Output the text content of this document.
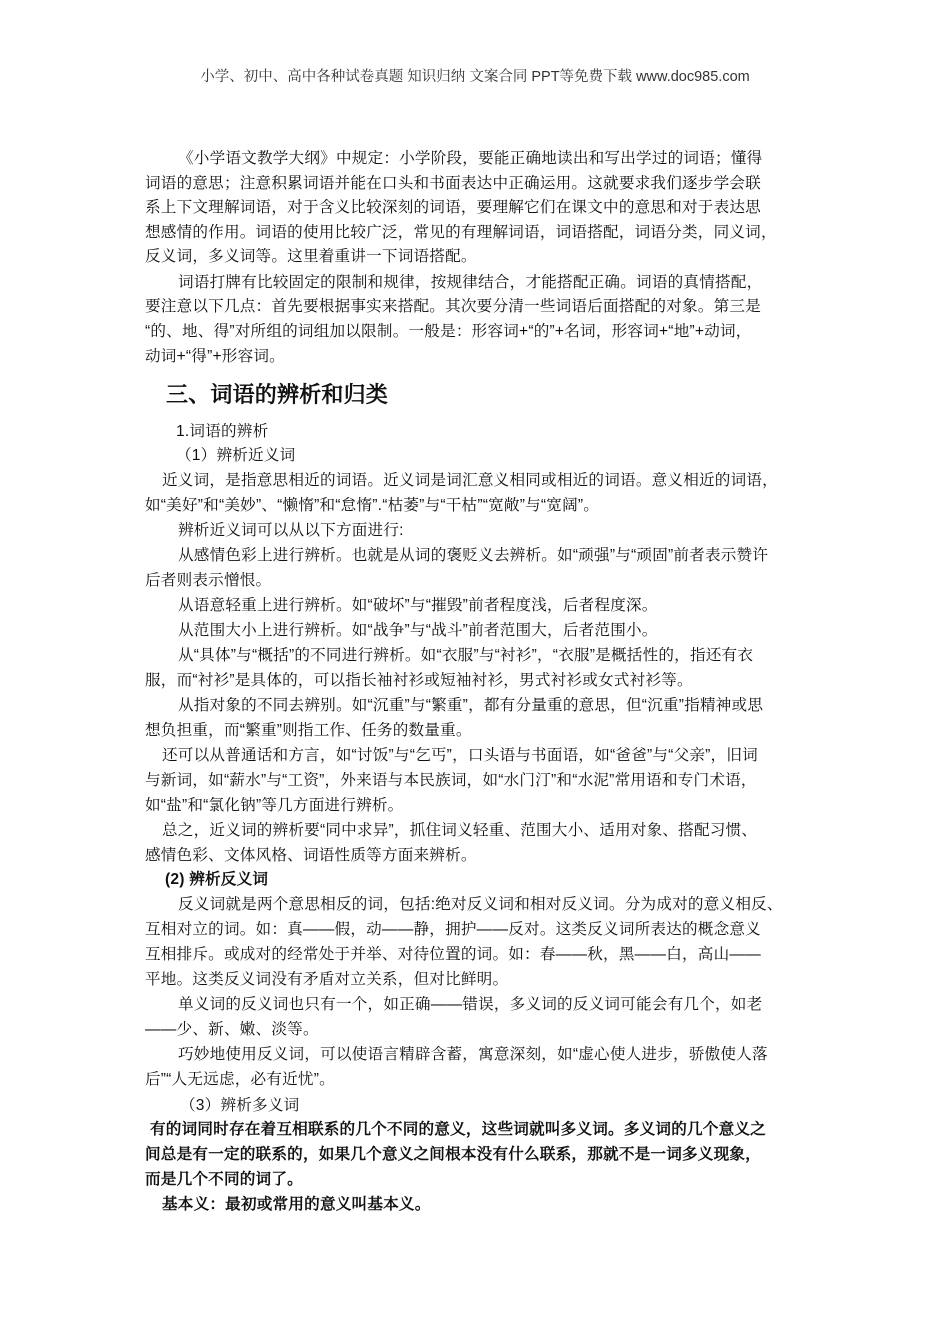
小学、初中、高中各种试卷真题 知识归纳 文案合同 PPT等免费下载 www.doc985.com
《小学语文教学大纲》中规定：小学阶段，要能正确地读出和写出学过的词语；懂得
词语的意思；注意积累词语并能在口头和书面表达中正确运用。这就要求我们逐步学会联
系上下文理解词语，对于含义比较深刻的词语，要理解它们在课文中的意思和对于表达思
想感情的作用。词语的使用比较广泛，常见的有理解词语，词语搭配，词语分类，同义词，
反义词，多义词等。这里着重讲一下词语搭配。
词语打牌有比较固定的限制和规律，按规律结合，才能搭配正确。词语的真情搭配，
要注意以下几点：首先要根据事实来搭配。其次要分清一些词语后面搭配的对象。第三是
“的、地、得”对所组的词组加以限制。一般是：形容词+“的”+名词，形容词+“地”+动词，
动词+“得”+形容词。
三、词语的辨析和归类
1.词语的辨析
（1）辨析近义词
近义词，是指意思相近的词语。近义词是词汇意义相同或相近的词语。意义相近的词语，
如“美好”和“美妙”、“懒惰”和“怠惰”.“枯萎”与“干枯”“宽敞”与“宽阔”。
辨析近义词可以从以下方面进行:
从感情色彩上进行辨析。也就是从词的褒贬义去辨析。如“顽强”与“顽固”前者表示赞许
后者则表示憎恨。
从语意轻重上进行辨析。如“破坏”与“摧毁”前者程度浅，后者程度深。
从范围大小上进行辨析。如“战争”与“战斗”前者范围大，后者范围小。
从“具体”与“概括”的不同进行辨析。如“衣服”与“衬衫”，“衣服”是概括性的，指还有衣
服，而“衬衫”是具体的，可以指长袖衬衫或短袖衬衫，男式衬衫或女式衬衫等。
从指对象的不同去辨别。如“沉重”与“繁重”，都有分量重的意思，但“沉重”指精神或思
想负担重，而“繁重”则指工作、任务的数量重。
还可以从普通话和方言，如“讨饭”与“乞丐”，口头语与书面语，如“爸爸”与“父亲”，旧词
与新词，如“薪水”与“工资”，外来语与本民族词，如“水门汀”和“水泥”常用语和专门术语，
如“盐”和“氯化钠”等几方面进行辨析。
总之，近义词的辨析要“同中求异”，抓住词义轻重、范围大小、适用对象、搭配习惯、
感情色彩、文体风格、词语性质等方面来辨析。
(2) 辨析反义词
反义词就是两个意思相反的词，包括:绝对反义词和相对反义词。分为成对的意义相反、
互相对立的词。如：真——假，动——静，拥护——反对。这类反义词所表达的概念意义
互相排斥。或成对的经常处于并举、对待位置的词。如：春——秋，黑——白，高山——
平地。这类反义词没有矛盾对立关系，但对比鲜明。
单义词的反义词也只有一个，如正确——错误，多义词的反义词可能会有几个，如老
——少、新、嫩、淡等。
巧妙地使用反义词，可以使语言精辟含蓄，寓意深刻，如“虚心使人进步，骄傲使人落
后”“人无远虑，必有近忧”。
（3）辨析多义词
有的词同时存在着互相联系的几个不同的意义，这些词就叫多义词。多义词的几个意义之
间总是有一定的联系的，如果几个意义之间根本没有什么联系，那就不是一词多义现象，
而是几个不同的词了。
基本义：最初或常用的意义叫基本义。
